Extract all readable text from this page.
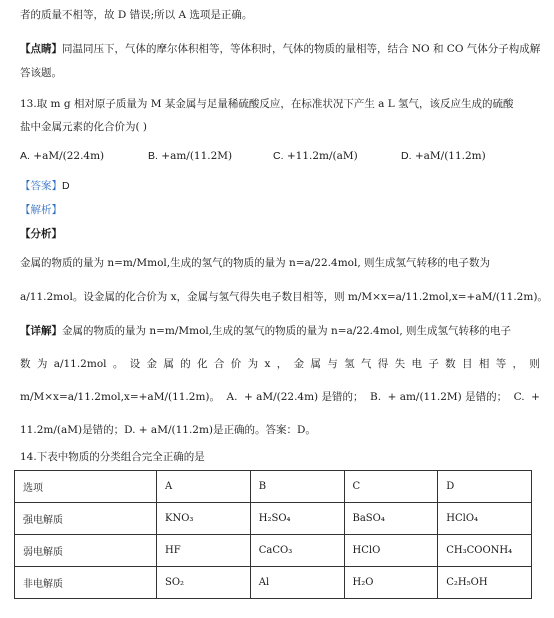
者的质量不相等，故 D 错误;所以 A 选项是正确。
【点睛】同温同压下，气体的摩尔体积相等，等体积时，气体的物质的量相等，结合 NO 和 CO 气体分子构成解
答该题。
13.取 m g 相对原子质量为 M 某金属与足量稀硫酸反应，在标准状况下产生 a L 氢气，该反应生成的硫酸
盐中金属元素的化合价为( )
A. +aM/(22.4m)	B. +am/(11.2M)	C. +11.2m/(aM)	D. +aM/(11.2m)
【答案】D
【解析】
【分析】
金属的物质的量为 n=m/Mmol,生成的氢气的物质的量为 n=a/22.4mol, 则生成氢气转移的电子数为
a/11.2mol。设金属的化合价为 x，金属与氢气得失电子数目相等，则 m/M×x=a/11.2mol,x=+aM/(11.2m)。
【详解】金属的物质的量为 n=m/Mmol,生成的氢气的物质的量为 n=a/22.4mol, 则生成氢气转移的电子
数 为 a/11.2mol 。 设 金 属 的 化 合 价 为 x ， 金 属 与 氢 气 得 失 电 子 数 目 相 等 ， 则
m/M×x=a/11.2mol,x=+aM/(11.2m)。 A. + aM/(22.4m) 是错的； B. + am/(11.2M) 是错的； C. +
11.2m/(aM)是错的；D. + aM/(11.2m)是正确的。答案：D。
14.下表中物质的分类组合完全正确的是
选项	A	B	C	D
强电解质	KNO₃	H₂SO₄	BaSO₄	HClO₄
弱电解质	HF	CaCO₃	HClO	CH₃COONH₄
非电解质	SO₂	Al	H₂O	C₂H₅OH
